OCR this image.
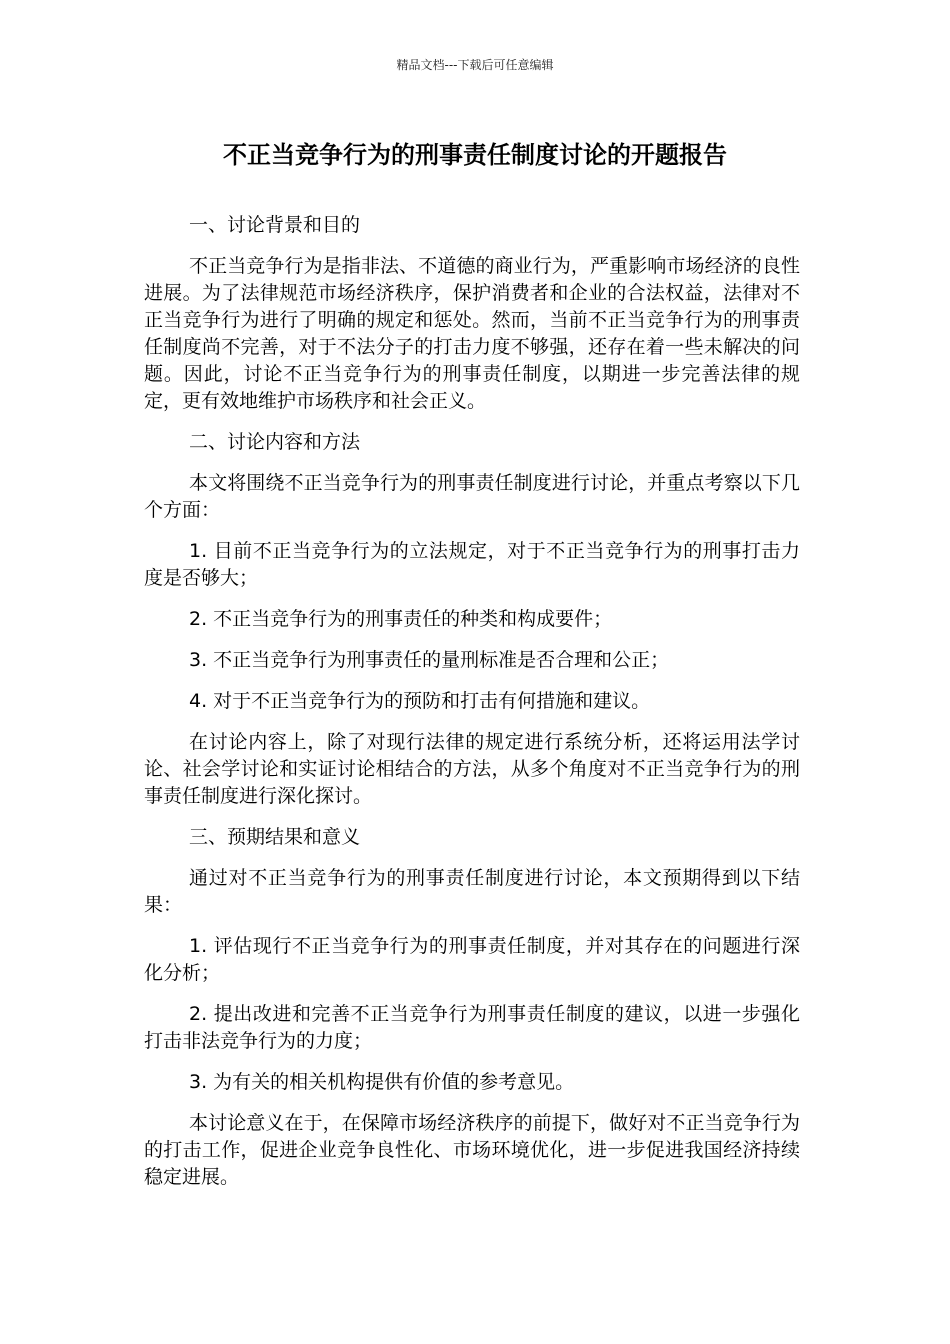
精品文档---下载后可任意编辑
不正当竞争行为的刑事责任制度讨论的开题报告

一、讨论背景和目的

不正当竞争行为是指非法、不道德的商业行为，严重影响市场经济的良性进展。为了法律规范市场经济秩序，保护消费者和企业的合法权益，法律对不正当竞争行为进行了明确的规定和惩处。然而，当前不正当竞争行为的刑事责任制度尚不完善，对于不法分子的打击力度不够强，还存在着一些未解决的问题。因此，讨论不正当竞争行为的刑事责任制度，以期进一步完善法律的规定，更有效地维护市场秩序和社会正义。

二、讨论内容和方法

本文将围绕不正当竞争行为的刑事责任制度进行讨论，并重点考察以下几个方面：

1. 目前不正当竞争行为的立法规定，对于不正当竞争行为的刑事打击力度是否够大；

2. 不正当竞争行为的刑事责任的种类和构成要件；

3. 不正当竞争行为刑事责任的量刑标准是否合理和公正；

4. 对于不正当竞争行为的预防和打击有何措施和建议。

在讨论内容上，除了对现行法律的规定进行系统分析，还将运用法学讨论、社会学讨论和实证讨论相结合的方法，从多个角度对不正当竞争行为的刑事责任制度进行深化探讨。

三、预期结果和意义

通过对不正当竞争行为的刑事责任制度进行讨论，本文预期得到以下结果：

1. 评估现行不正当竞争行为的刑事责任制度，并对其存在的问题进行深化分析；

2. 提出改进和完善不正当竞争行为刑事责任制度的建议，以进一步强化打击非法竞争行为的力度；

3. 为有关的相关机构提供有价值的参考意见。

本讨论意义在于，在保障市场经济秩序的前提下，做好对不正当竞争行为的打击工作，促进企业竞争良性化、市场环境优化，进一步促进我国经济持续稳定进展。
